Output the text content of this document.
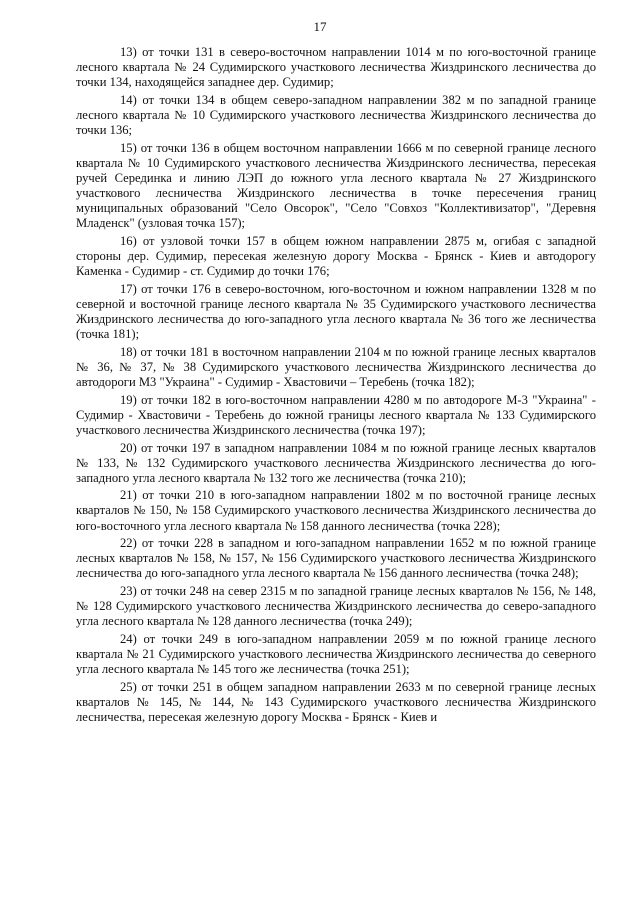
17

13) от точки 131 в северо-восточном направлении 1014 м по юго-восточной границе лесного квартала № 24 Судимирского участкового лесничества Жиздринского лесничества до точки 134, находящейся западнее дер. Судимир;

14) от точки 134 в общем северо-западном направлении 382 м по западной границе лесного квартала № 10 Судимирского участкового лесничества Жиздринского лесничества до точки 136;

15) от точки 136 в общем восточном направлении 1666 м по северной границе лесного квартала № 10 Судимирского участкового лесничества Жиздринского лесничества, пересекая ручей Серединка и линию ЛЭП до южного угла лесного квартала № 27 Жиздринского участкового лесничества Жиздринского лесничества в точке пересечения границ муниципальных образований "Село Овсорок", "Село "Совхоз "Коллективизатор", "Деревня Младенск" (узловая точка 157);

16) от узловой точки 157 в общем южном направлении 2875 м, огибая с западной стороны дер. Судимир, пересекая железную дорогу Москва - Брянск - Киев и автодорогу Каменка - Судимир - ст. Судимир до точки 176;

17) от точки 176 в северо-восточном, юго-восточном и южном направлении 1328 м по северной и восточной границе лесного квартала № 35 Судимирского участкового лесничества Жиздринского лесничества до юго-западного угла лесного квартала № 36 того же лесничества (точка 181);

18) от точки 181 в восточном направлении 2104 м по южной границе лесных кварталов № 36, № 37, № 38 Судимирского участкового лесничества Жиздринского лесничества до автодороги М3 "Украина" - Судимир - Хвастовичи – Теребень (точка 182);

19) от точки 182 в юго-восточном направлении 4280 м по автодороге М-3 "Украина" - Судимир - Хвастовичи - Теребень до южной границы лесного квартала № 133 Судимирского участкового лесничества Жиздринского лесничества (точка 197);

20) от точки 197 в западном направлении 1084 м по южной границе лесных кварталов № 133, № 132 Судимирского участкового лесничества Жиздринского лесничества до юго-западного угла лесного квартала № 132 того же лесничества (точка 210);

21) от точки 210 в юго-западном направлении 1802 м по восточной границе лесных кварталов № 150, № 158 Судимирского участкового лесничества Жиздринского лесничества до юго-восточного угла лесного квартала № 158 данного лесничества (точка 228);

22) от точки 228 в западном и юго-западном направлении 1652 м по южной границе лесных кварталов № 158, № 157, № 156 Судимирского участкового лесничества Жиздринского лесничества до юго-западного угла лесного квартала № 156 данного лесничества (точка 248);

23) от точки 248 на север 2315 м по западной границе лесных кварталов № 156, № 148, № 128 Судимирского участкового лесничества Жиздринского лесничества до северо-западного угла лесного квартала № 128 данного лесничества (точка 249);

24) от точки 249 в юго-западном направлении 2059 м по южной границе лесного квартала № 21 Судимирского участкового лесничества Жиздринского лесничества до северного угла лесного квартала № 145 того же лесничества (точка 251);

25) от точки 251 в общем западном направлении 2633 м по северной границе лесных кварталов № 145, № 144, № 143 Судимирского участкового лесничества Жиздринского лесничества, пересекая железную дорогу Москва - Брянск - Киев и
